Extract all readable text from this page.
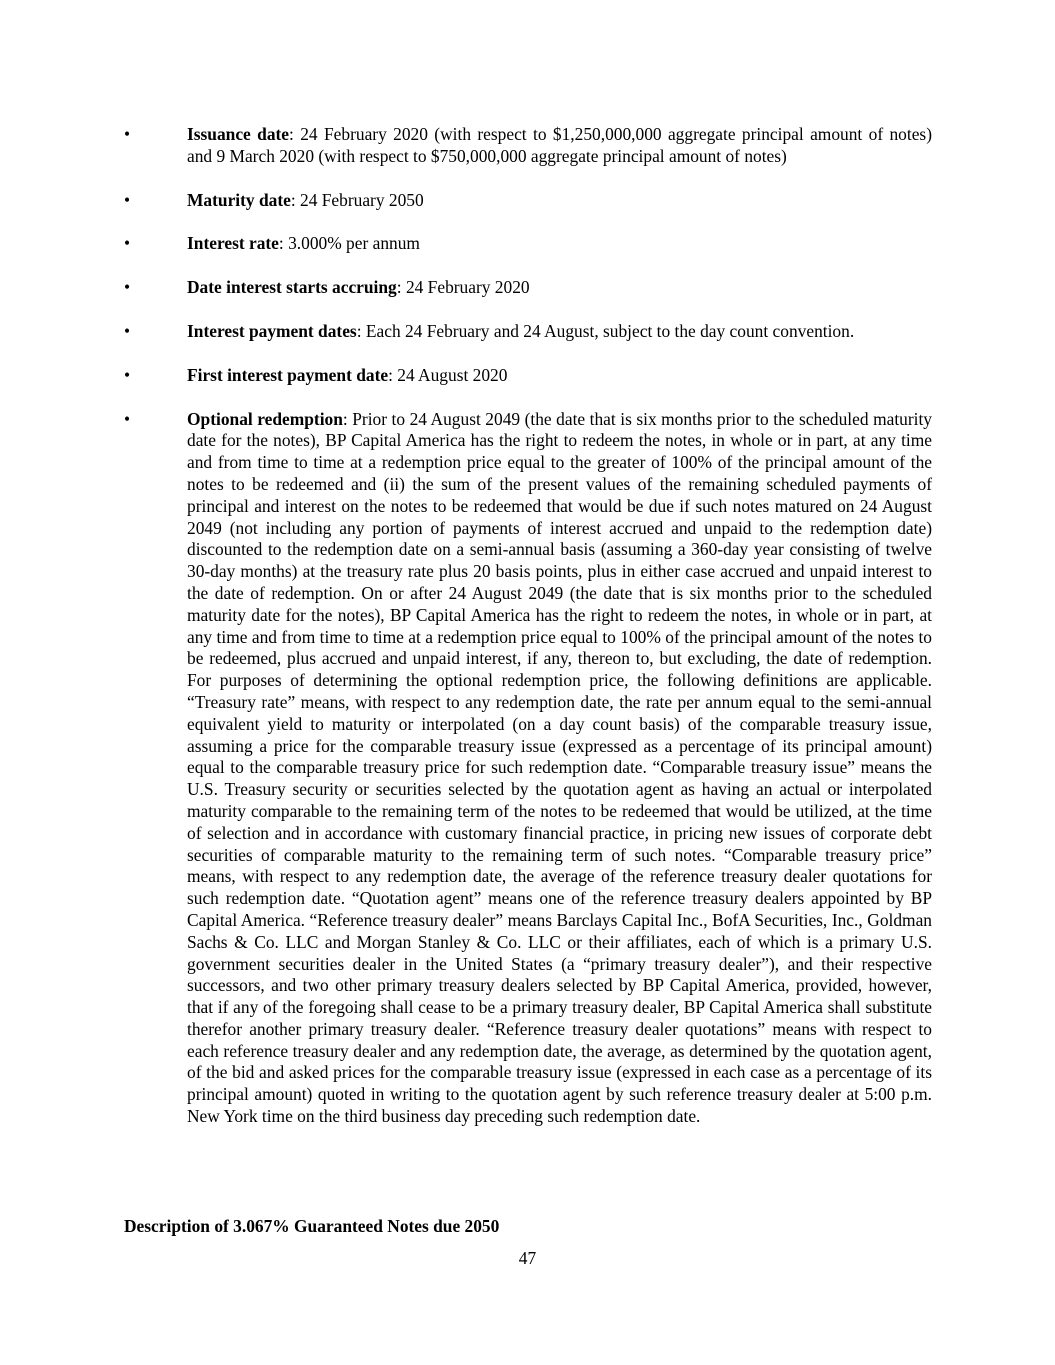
•	Issuance date: 24 February 2020 (with respect to $1,250,000,000 aggregate principal amount of notes) and 9 March 2020 (with respect to $750,000,000 aggregate principal amount of notes)
•	Maturity date: 24 February 2050
•	Interest rate: 3.000% per annum
•	Date interest starts accruing: 24 February 2020
•	Interest payment dates: Each 24 February and 24 August, subject to the day count convention.
•	First interest payment date: 24 August 2020
•	Optional redemption: Prior to 24 August 2049 (the date that is six months prior to the scheduled maturity date for the notes), BP Capital America has the right to redeem the notes, in whole or in part, at any time and from time to time at a redemption price equal to the greater of 100% of the principal amount of the notes to be redeemed and (ii) the sum of the present values of the remaining scheduled payments of principal and interest on the notes to be redeemed that would be due if such notes matured on 24 August 2049 (not including any portion of payments of interest accrued and unpaid to the redemption date) discounted to the redemption date on a semi-annual basis (assuming a 360-day year consisting of twelve 30-day months) at the treasury rate plus 20 basis points, plus in either case accrued and unpaid interest to the date of redemption. On or after 24 August 2049 (the date that is six months prior to the scheduled maturity date for the notes), BP Capital America has the right to redeem the notes, in whole or in part, at any time and from time to time at a redemption price equal to 100% of the principal amount of the notes to be redeemed, plus accrued and unpaid interest, if any, thereon to, but excluding, the date of redemption. For purposes of determining the optional redemption price, the following definitions are applicable. “Treasury rate” means, with respect to any redemption date, the rate per annum equal to the semi-annual equivalent yield to maturity or interpolated (on a day count basis) of the comparable treasury issue, assuming a price for the comparable treasury issue (expressed as a percentage of its principal amount) equal to the comparable treasury price for such redemption date. “Comparable treasury issue” means the U.S. Treasury security or securities selected by the quotation agent as having an actual or interpolated maturity comparable to the remaining term of the notes to be redeemed that would be utilized, at the time of selection and in accordance with customary financial practice, in pricing new issues of corporate debt securities of comparable maturity to the remaining term of such notes. “Comparable treasury price” means, with respect to any redemption date, the average of the reference treasury dealer quotations for such redemption date. “Quotation agent” means one of the reference treasury dealers appointed by BP Capital America. “Reference treasury dealer” means Barclays Capital Inc., BofA Securities, Inc., Goldman Sachs & Co. LLC and Morgan Stanley & Co. LLC or their affiliates, each of which is a primary U.S. government securities dealer in the United States (a “primary treasury dealer”), and their respective successors, and two other primary treasury dealers selected by BP Capital America, provided, however, that if any of the foregoing shall cease to be a primary treasury dealer, BP Capital America shall substitute therefor another primary treasury dealer. “Reference treasury dealer quotations” means with respect to each reference treasury dealer and any redemption date, the average, as determined by the quotation agent, of the bid and asked prices for the comparable treasury issue (expressed in each case as a percentage of its principal amount) quoted in writing to the quotation agent by such reference treasury dealer at 5:00 p.m. New York time on the third business day preceding such redemption date.
Description of 3.067% Guaranteed Notes due 2050
47
